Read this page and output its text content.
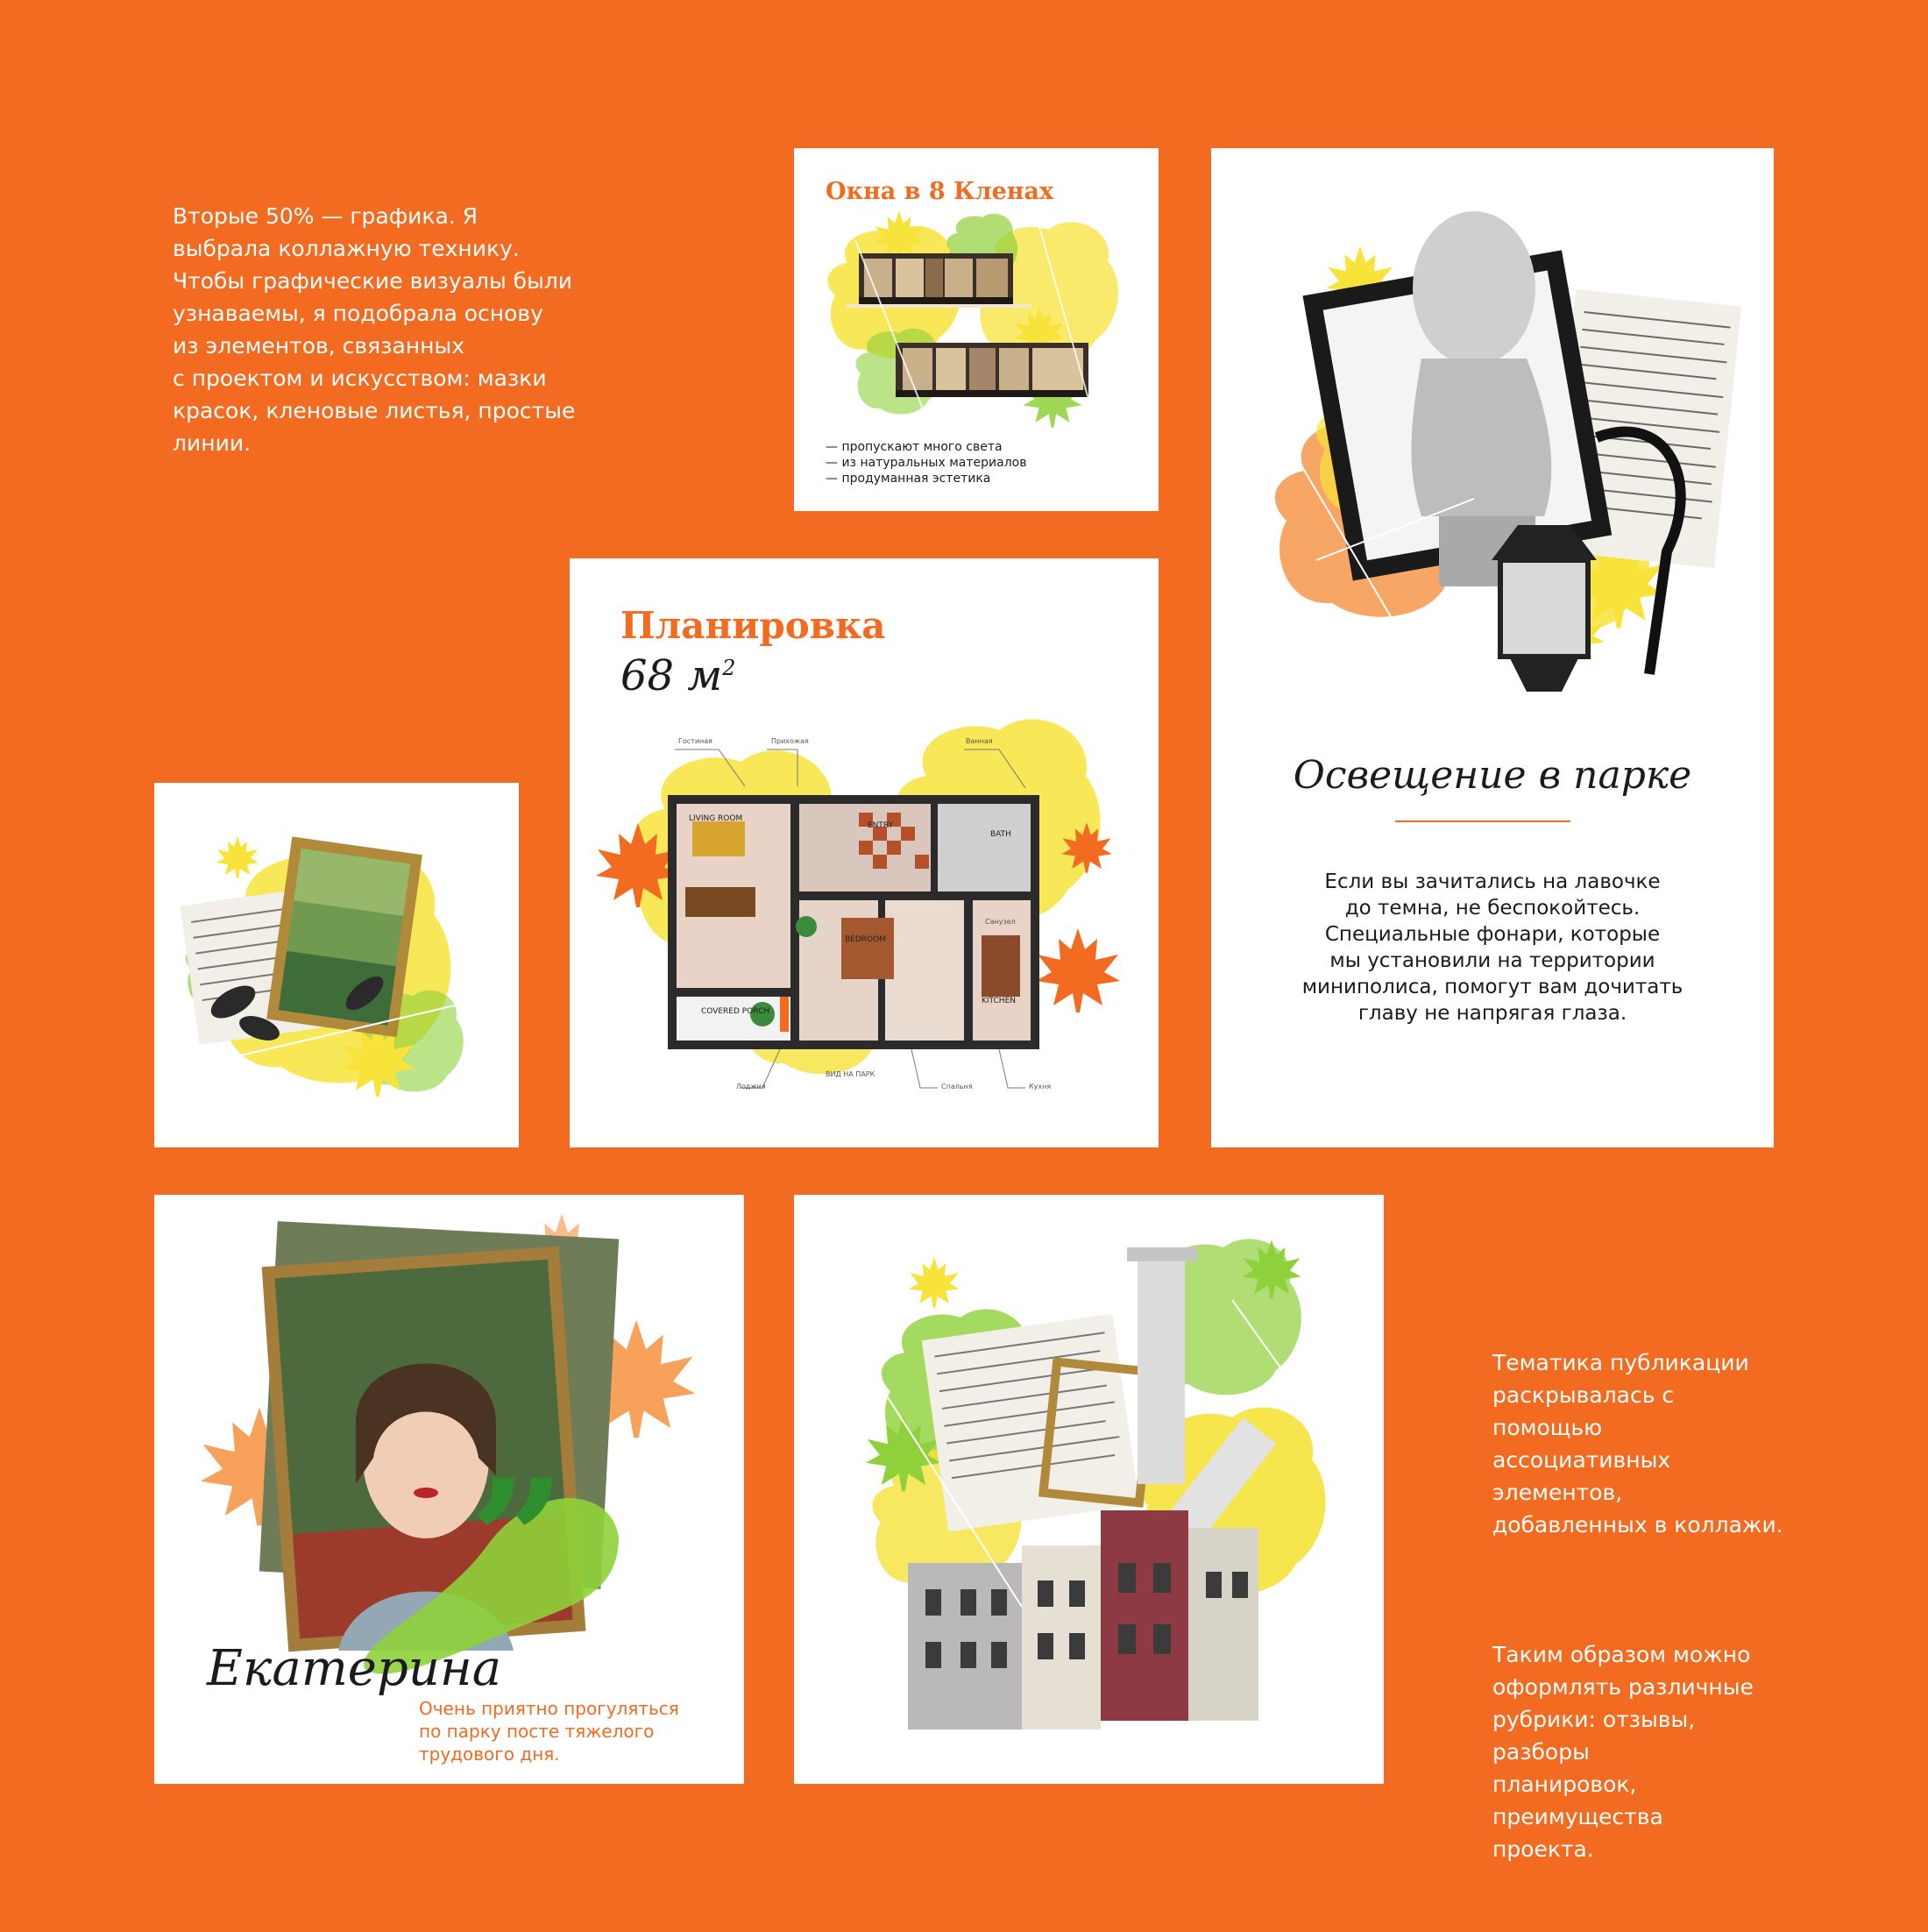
Вторые 50% — графика. Я
выбрала коллажную технику.
Чтобы графические визуалы были
узнаваемы, я подобрала основу
из элементов, связанных
с проектом и искусством: мазки
красок, кленовые листья, простые
линии.
Окна в 8 Кленах
— пропускают много света
— из натуральных материалов
— продуманная эстетика
Освещение в парке
Если вы зачитались на лавочке
до темна, не беспокойтесь.
Специальные фонари, которые
мы установили на территории
миниполиса, помогут вам дочитать
главу не напрягая глаза.
Планировка
68 $м^2$
LIVING ROOM
ENTRY
BATH
BEDROOM
KITCHEN
COVERED PORCH
Гостиная	Прихожая	Ванная
Санузел
Лоджия
ВИД НА ПАРК
Спальня	Кухня
”
Екатерина
Очень приятно прогуляться
по парку посте тяжелого
трудового дня.

Тематика публикации
раскрывалась с помощью
ассоциативных элементов,
добавленных в коллажи.

Таким образом можно
оформлять различные
рубрики: отзывы, разборы
планировок, преимущества
проекта.
